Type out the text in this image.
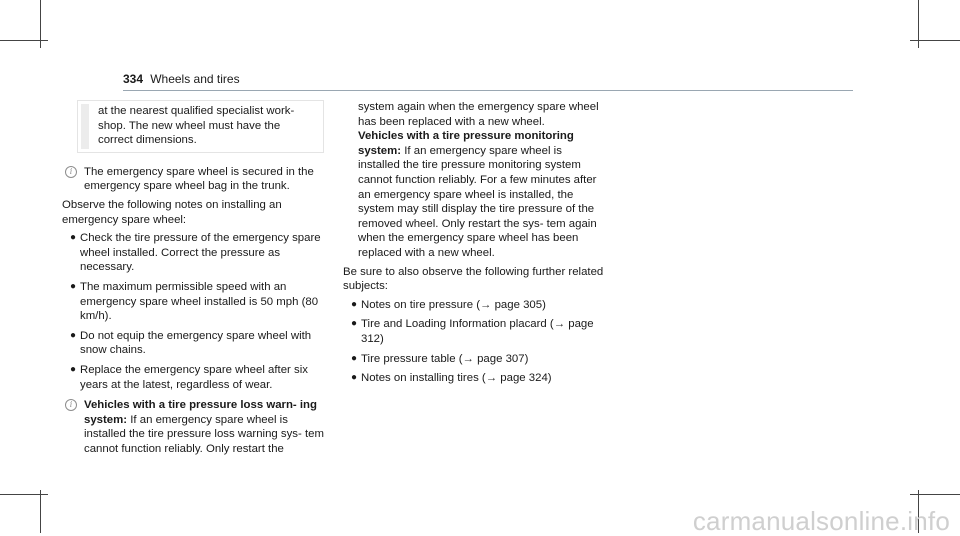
334 Wheels and tires

at the nearest qualified specialist work- shop. The new wheel must have the correct dimensions.

i	The emergency spare wheel is secured in the emergency spare wheel bag in the trunk.

Observe the following notes on installing an emergency spare wheel:

● Check the tire pressure of the emergency spare wheel installed. Correct the pressure as necessary.
● The maximum permissible speed with an emergency spare wheel installed is 50 mph (80 km/h).
● Do not equip the emergency spare wheel with snow chains.
● Replace the emergency spare wheel after six years at the latest, regardless of wear.
i	Vehicles with a tire pressure loss warn- ing system: If an emergency spare wheel is installed the tire pressure loss warning sys- tem cannot function reliably. Only restart the

system again when the emergency spare wheel has been replaced with a new wheel.

Vehicles with a tire pressure monitoring system: If an emergency spare wheel is installed the tire pressure monitoring system cannot function reliably. For a few minutes after an emergency spare wheel is installed, the system may still display the tire pressure of the removed wheel. Only restart the sys- tem again when the emergency spare wheel has been replaced with a new wheel.

Be sure to also observe the following further related subjects:

● Notes on tire pressure (→ page 305)
● Tire and Loading Information placard (→ page 312)
● Tire pressure table (→ page 307)
● Notes on installing tires (→ page 324)
carmanualsonline.info
